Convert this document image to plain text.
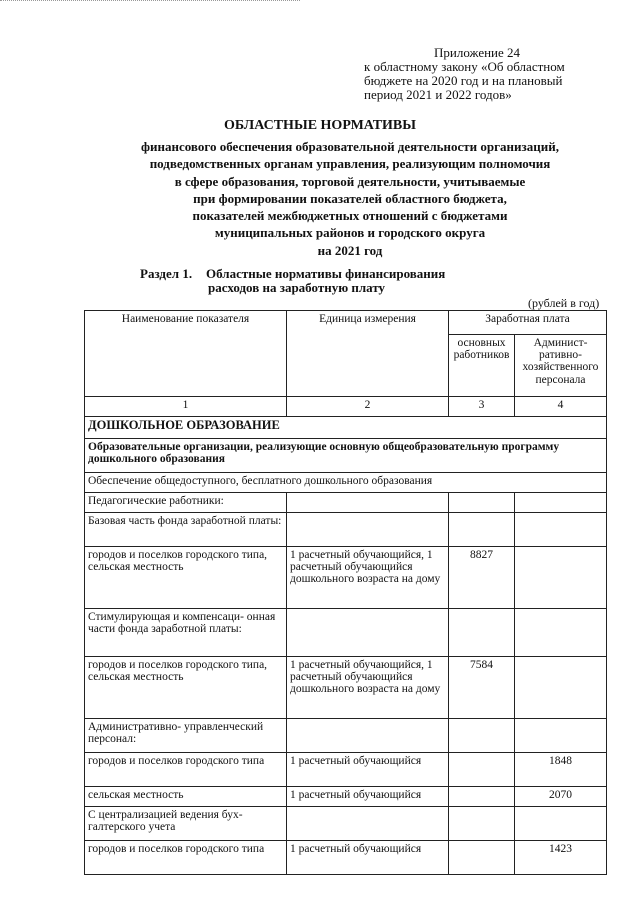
Приложение 24
к областному закону «Об областном
бюджете на 2020 год и на плановый
период 2021 и 2022 годов»
ОБЛАСТНЫЕ НОРМАТИВЫ
финансового обеспечения образовательной деятельности организаций,
подведомственных органам управления, реализующим полномочия
в сфере образования, торговой деятельности, учитываемые
при формировании показателей областного бюджета,
показателей межбюджетных отношений с бюджетами
муниципальных районов и городского округа
на 2021 год
Раздел 1. Областные нормативы финансирования
расходов на заработную плату
(рублей в год)
Наименование показателя	Единица измерения	Заработная плата	
		основных работников	Админист- ративно- хозяйственного персонала
1	2	3	4
ДОШКОЛЬНОЕ ОБРАЗОВАНИЕ			
Образовательные организации, реализующие основную общеобразовательную программу дошкольного образования			
Обеспечение общедоступного, бесплатного дошкольного образования			
Педагогические работники:			
Базовая часть фонда заработной платы:			
городов и поселков городского типа, сельская местность	1 расчетный обучающийся, 1 расчетный обучающийся дошкольного возраста на дому	8827	
Стимулирующая и компенсаци- онная части фонда заработной платы:			
городов и поселков городского типа, сельская местность	1 расчетный обучающийся, 1 расчетный обучающийся дошкольного возраста на дому	7584	
Административно- управленческий персонал:			
городов и поселков городского типа	1 расчетный обучающийся		1848
сельская местность	1 расчетный обучающийся		2070
С централизацией ведения бух- галтерского учета			
городов и поселков городского типа	1 расчетный обучающийся		1423
